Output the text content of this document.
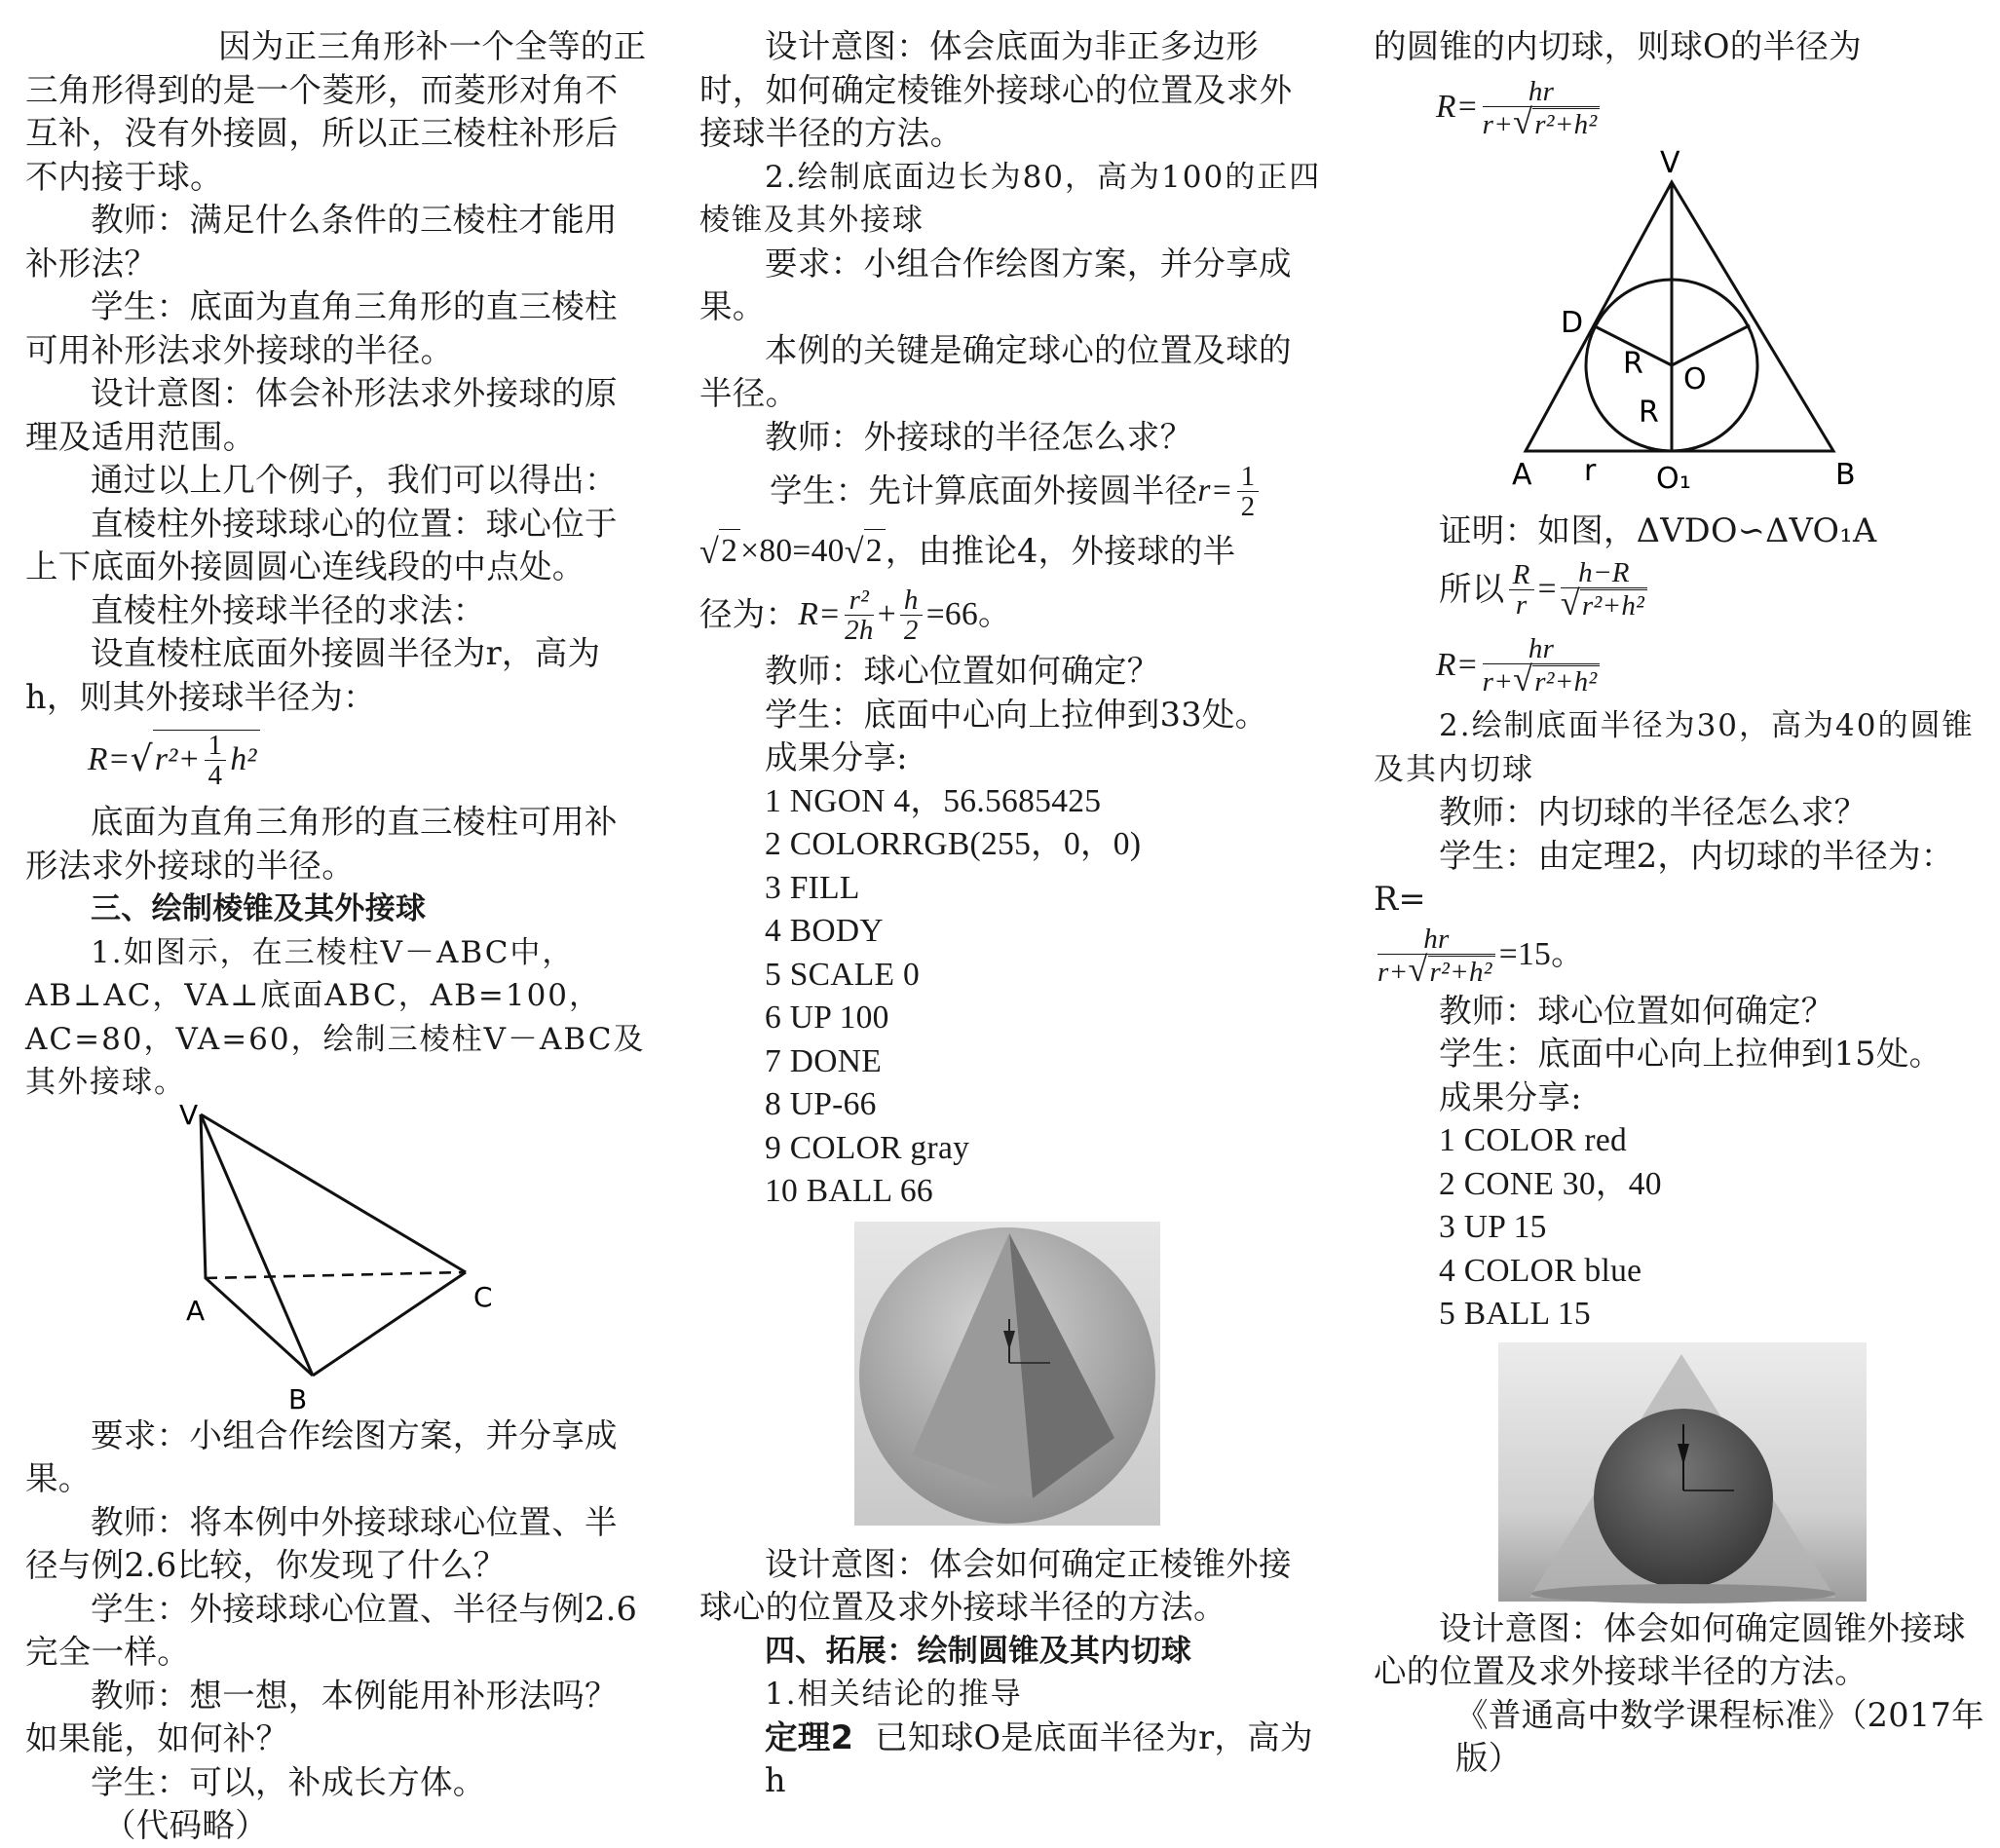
因为正三角形补一个全等的正三角形得到的是一个菱形，而菱形对角不互补，没有外接圆，所以正三棱柱补形后不内接于球。

教师：满足什么条件的三棱柱才能用补形法？

学生：底面为直角三角形的直三棱柱可用补形法求外接球的半径。

设计意图：体会补形法求外接球的原理及适用范围。

通过以上几个例子，我们可以得出：

直棱柱外接球球心的位置：球心位于上下底面外接圆圆心连线段的中点处。

直棱柱外接球半径的求法：

设直棱柱底面外接圆半径为r，高为h，则其外接球半径为：

R= √ $r^2+ \frac{1}{4} h^2$

底面为直角三角形的直三棱柱可用补形法求外接球的半径。

三、绘制棱锥及其外接球

1.如图示，在三棱柱V－ABC中，AB⊥AC，VA⊥底面ABC，AB=100，AC=80，VA=60，绘制三棱柱V－ABC及其外接球。

V
A
B
C

要求：小组合作绘图方案，并分享成果。

教师：将本例中外接球球心位置、半径与例2.6比较，你发现了什么？

学生：外接球球心位置、半径与例2.6完全一样。

教师：想一想，本例能用补形法吗？如果能，如何补？

学生：可以，补成长方体。

（代码略）

设计意图：体会底面为非正多边形时，如何确定棱锥外接球心的位置及求外接球半径的方法。

2.绘制底面边长为80，高为100的正四棱锥及其外接球

要求：小组合作绘图方案，并分享成果。

本例的关键是确定球心的位置及球的半径。

教师：外接球的半径怎么求？

学生：先计算底面外接圆半径 $r= \frac{1}{2}$
√ 2 ×80=40 √ 2 ，由推论4，外接球的半
径为： $R= \frac{\text{r²}}{2h} + \frac{h}{2} =66$。

教师：球心位置如何确定？

学生：底面中心向上拉伸到33处。

成果分享:

1 NGON 4，56.5685425
2 COLORRGB(255，0，0)
3 FILL
4 BODY
5 SCALE 0
6 UP 100
7 DONE
8 UP-66
9 COLOR gray
10 BALL 66

设计意图：体会如何确定正棱锥外接球心的位置及求外接球半径的方法。

四、拓展：绘制圆锥及其内切球

1.相关结论的推导

定理2 已知球O是底面半径为r，高为h

的圆锥的内切球，则球O的半径为

$R= \frac{hr}{\text{r+√r²+h²}}$
V
D
R O
R
A r O₁	B

证明：如图，ΔVDO∽ΔVO₁A

所以 $\frac{R}{r} = \frac{h-R}{\text{√r²+h²}}$
$R= \frac{hr}{\text{r+√r²+h²}}$

2.绘制底面半径为30，高为40的圆锥及其内切球

教师：内切球的半径怎么求？

学生：由定理2，内切球的半径为：R=

$\frac{hr}{\text{r+√r²+h²}} =15$。

教师：球心位置如何确定？

学生：底面中心向上拉伸到15处。

成果分享:

1 COLOR red
2 CONE 30，40
3 UP 15
4 COLOR blue
5 BALL 15

设计意图：体会如何确定圆锥外接球心的位置及求外接球半径的方法。

《普通高中数学课程标准》（2017年版）
